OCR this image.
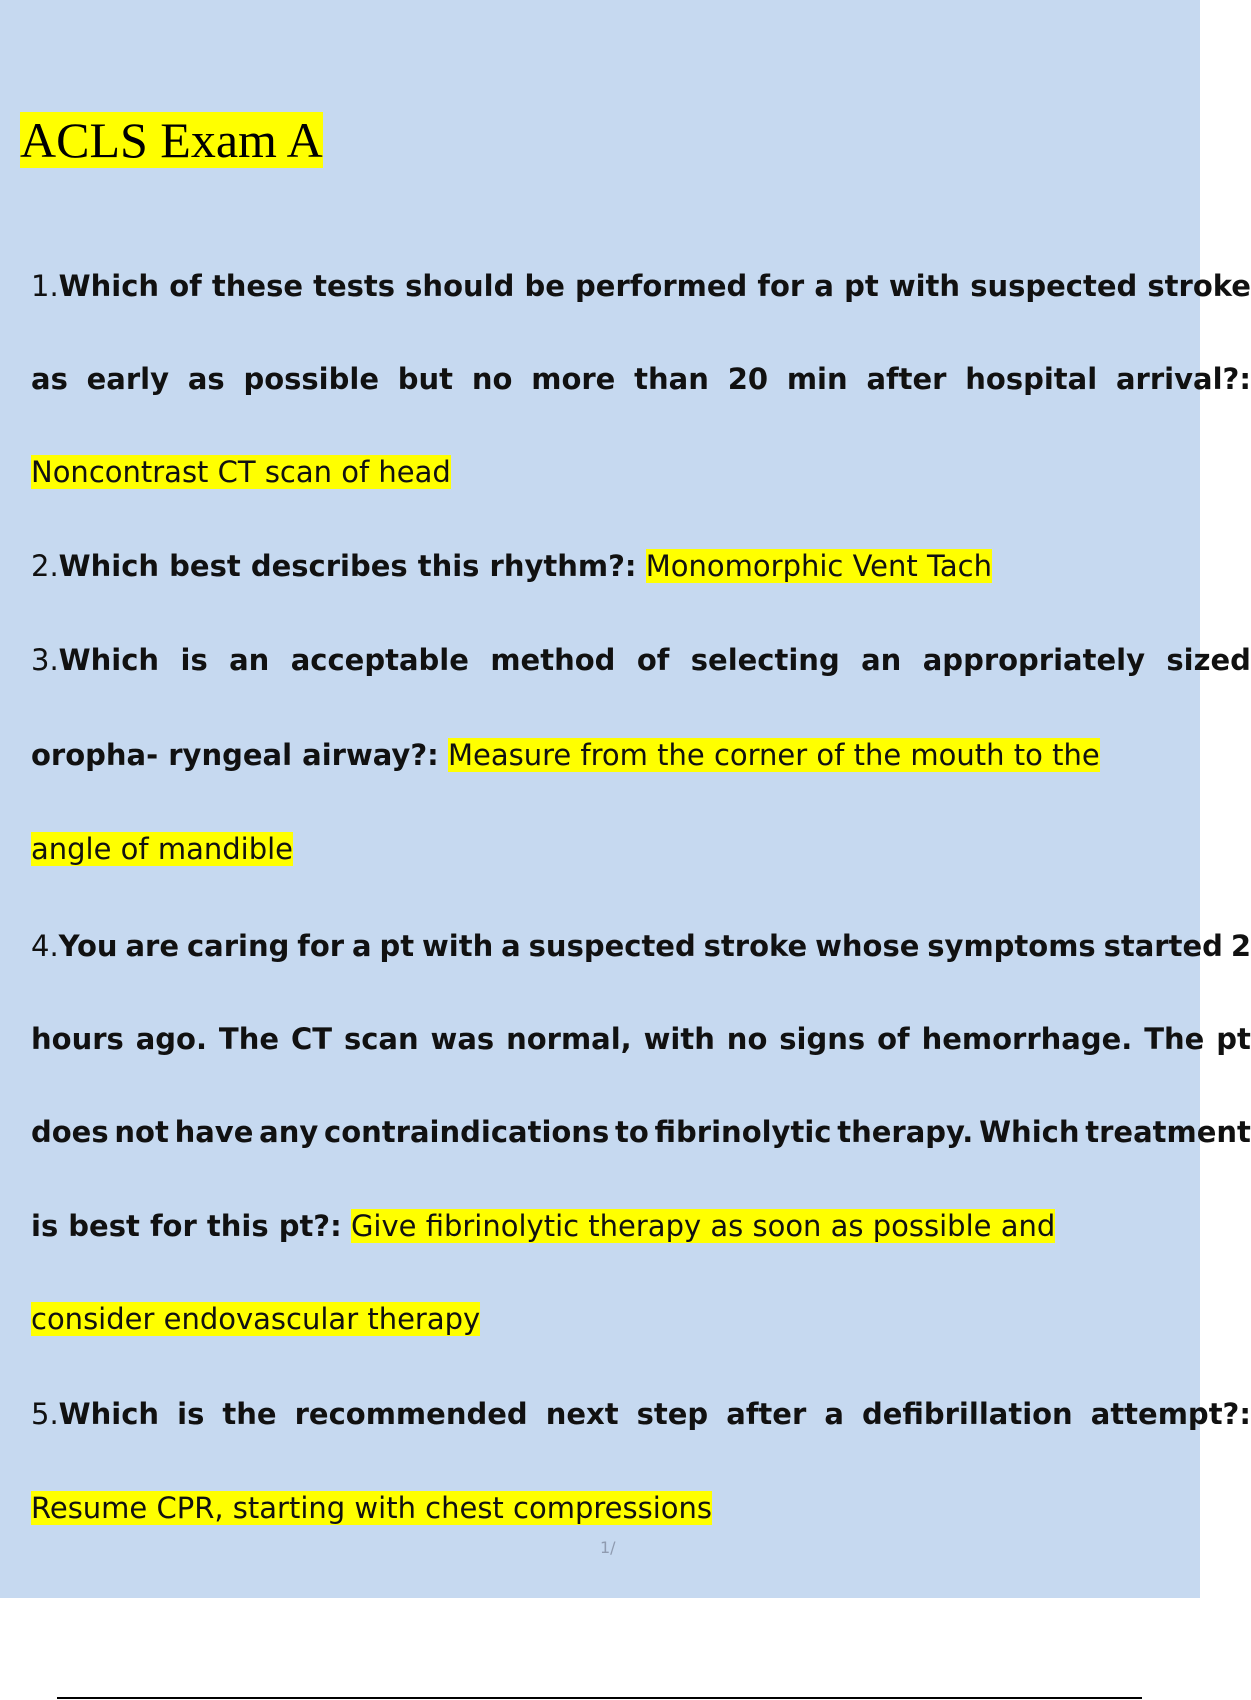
ACLS Exam A
1.Which of these tests should be performed for a pt with suspected stroke
as early as possible but no more than 20 min after hospital arrival?:
Noncontrast CT scan of head
2.Which best describes this rhythm?: Monomorphic Vent Tach
3.Which is an acceptable method of selecting an appropriately sized
oropha- ryngeal airway?: Measure from the corner of the mouth to the
angle of mandible
4.You are caring for a pt with a suspected stroke whose symptoms started 2
hours ago. The CT scan was normal, with no signs of hemorrhage. The pt
does not have any contraindications to fibrinolytic therapy. Which treatment
is best for this pt?: Give fibrinolytic therapy as soon as possible and
consider endovascular therapy
5.Which is the recommended next step after a defibrillation attempt?:
Resume CPR, starting with chest compressions
1/
